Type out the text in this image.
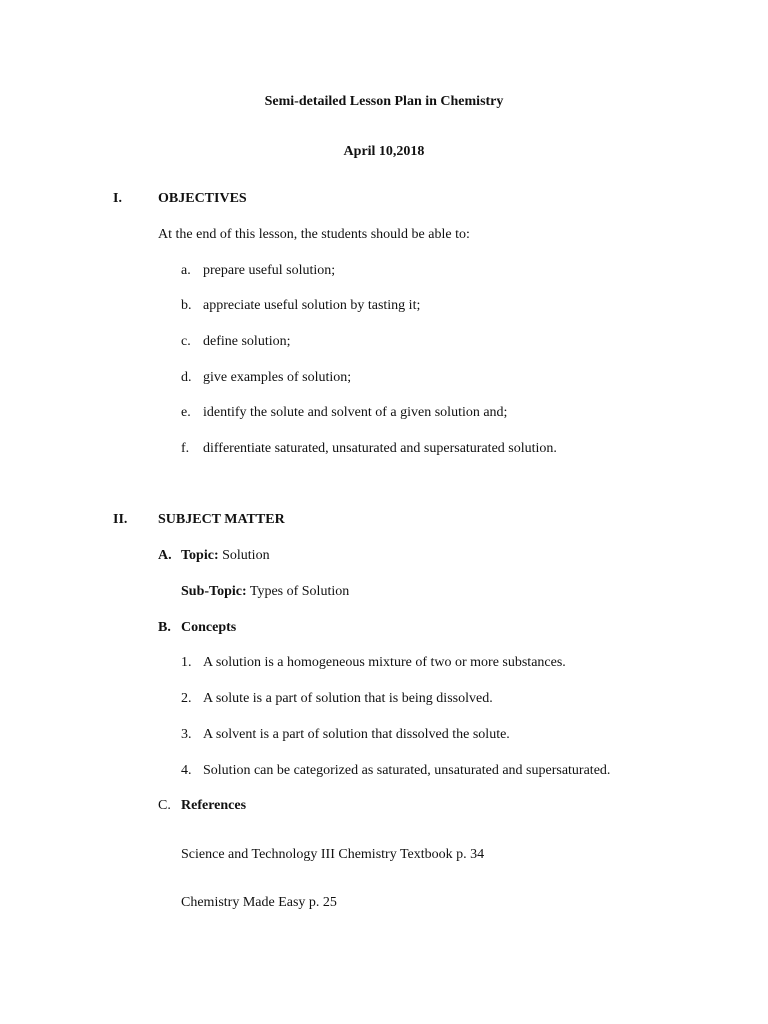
Semi-detailed Lesson Plan in Chemistry
April 10,2018
I.	OBJECTIVES
At the end of this lesson, the students should be able to:
a. prepare useful solution;
b. appreciate useful solution by tasting it;
c. define solution;
d. give examples of solution;
e. identify the solute and solvent of a given solution and;
f. differentiate saturated, unsaturated and supersaturated solution.
II. SUBJECT MATTER
A. Topic: Solution
Sub-Topic: Types of Solution
B. Concepts
1. A solution is a homogeneous mixture of two or more substances.
2. A solute is a part of solution that is being dissolved.
3. A solvent is a part of solution that dissolved the solute.
4. Solution can be categorized as saturated, unsaturated and supersaturated.
C. References
Science and Technology III Chemistry Textbook p. 34
Chemistry Made Easy p. 25
